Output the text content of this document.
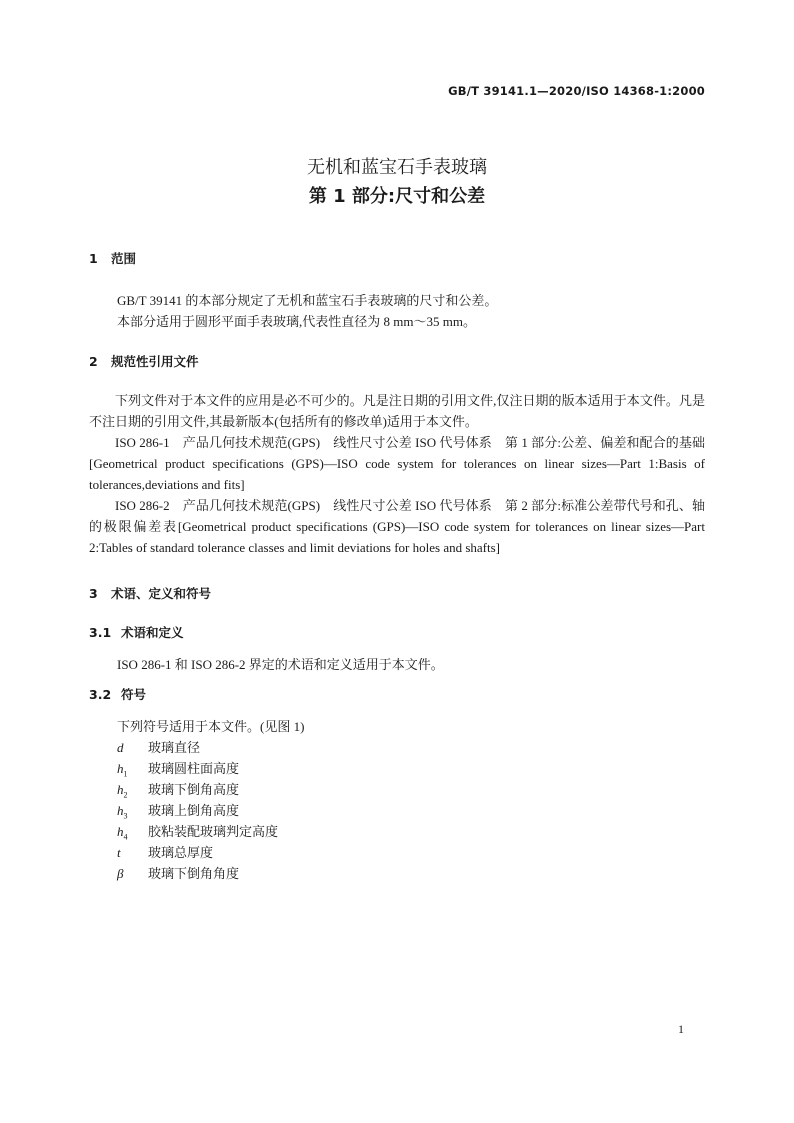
GB/T 39141.1—2020/ISO 14368-1:2000
无机和蓝宝石手表玻璃
第 1 部分:尺寸和公差
1 范围
GB/T 39141 的本部分规定了无机和蓝宝石手表玻璃的尺寸和公差。
本部分适用于圆形平面手表玻璃,代表性直径为 8 mm～35 mm。
2 规范性引用文件

下列文件对于本文件的应用是必不可少的。凡是注日期的引用文件,仅注日期的版本适用于本文件。凡是不注日期的引用文件,其最新版本(包括所有的修改单)适用于本文件。

ISO 286-1　产品几何技术规范(GPS)　线性尺寸公差 ISO 代号体系　第 1 部分:公差、偏差和配合的基础[Geometrical product specifications (GPS)—ISO code system for tolerances on linear sizes—Part 1:Basis of tolerances,deviations and fits]

ISO 286-2　产品几何技术规范(GPS)　线性尺寸公差 ISO 代号体系　第 2 部分:标准公差带代号和孔、轴的极限偏差表[Geometrical product specifications (GPS)—ISO code system for tolerances on linear sizes—Part 2:Tables of standard tolerance classes and limit deviations for holes and shafts]

3 术语、定义和符号
3.1 术语和定义
ISO 286-1 和 ISO 286-2 界定的术语和定义适用于本文件。
3.2 符号
下列符号适用于本文件。(见图 1)
d 玻璃直径
$h_1$ 玻璃圆柱面高度
$h_2$ 玻璃下倒角高度
$h_3$ 玻璃上倒角高度
$h_4$ 胶粘装配玻璃判定高度
t 玻璃总厚度
β 玻璃下倒角角度
1
